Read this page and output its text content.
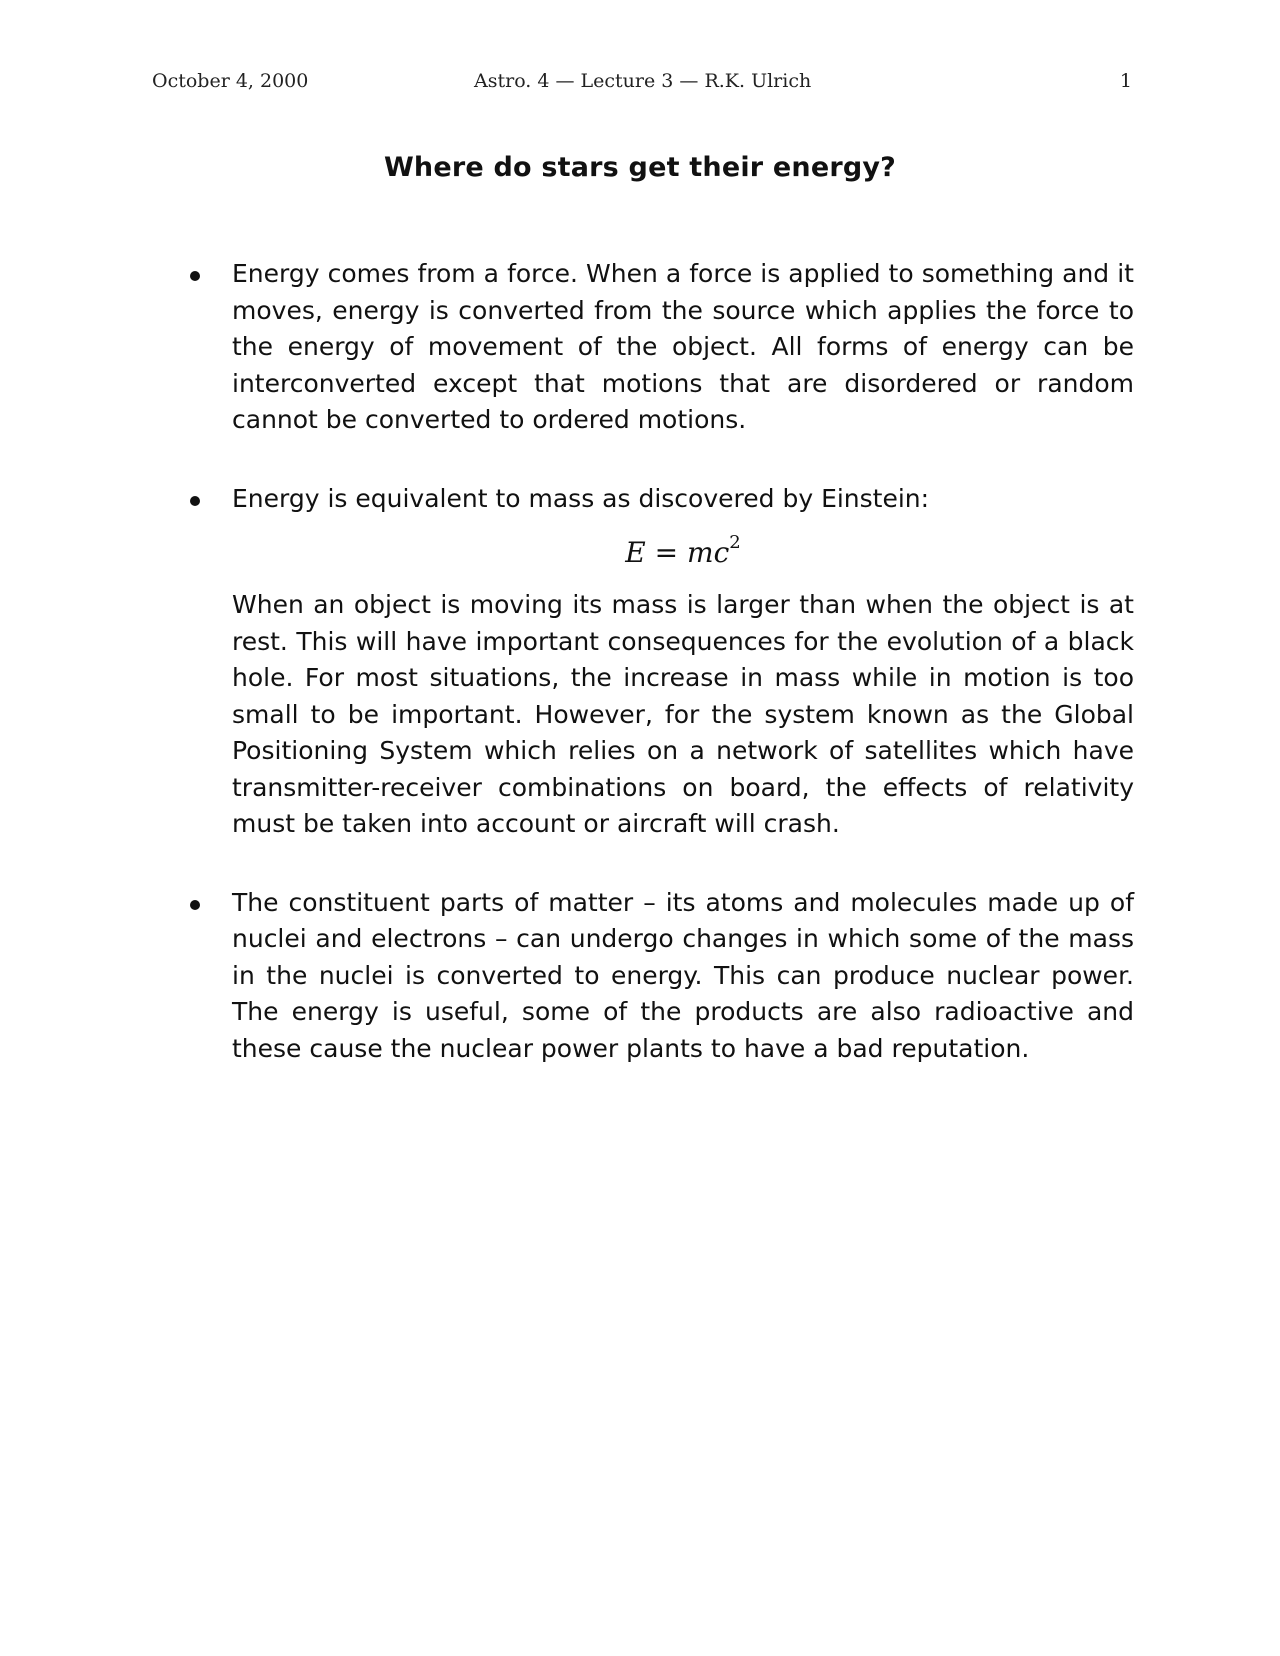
October 4, 2000	Astro. 4 — Lecture 3 — R.K. Ulrich	1
Where do stars get their energy?

Energy comes from a force. When a force is applied to something and it moves, energy is converted from the source which applies the force to the energy of movement of the object. All forms of energy can be interconverted except that motions that are disordered or random cannot be converted to ordered motions.

Energy is equivalent to mass as discovered by Einstein:

$E = mc^2$

When an object is moving its mass is larger than when the object is at rest. This will have important consequences for the evolution of a black hole. For most situations, the increase in mass while in motion is too small to be important. However, for the system known as the Global Positioning System which relies on a network of satellites which have transmitter-receiver combinations on board, the effects of relativity must be taken into account or aircraft will crash.

The constituent parts of matter – its atoms and molecules made up of nuclei and electrons – can undergo changes in which some of the mass in the nuclei is converted to energy. This can produce nuclear power. The energy is useful, some of the products are also radioactive and these cause the nuclear power plants to have a bad reputation.
